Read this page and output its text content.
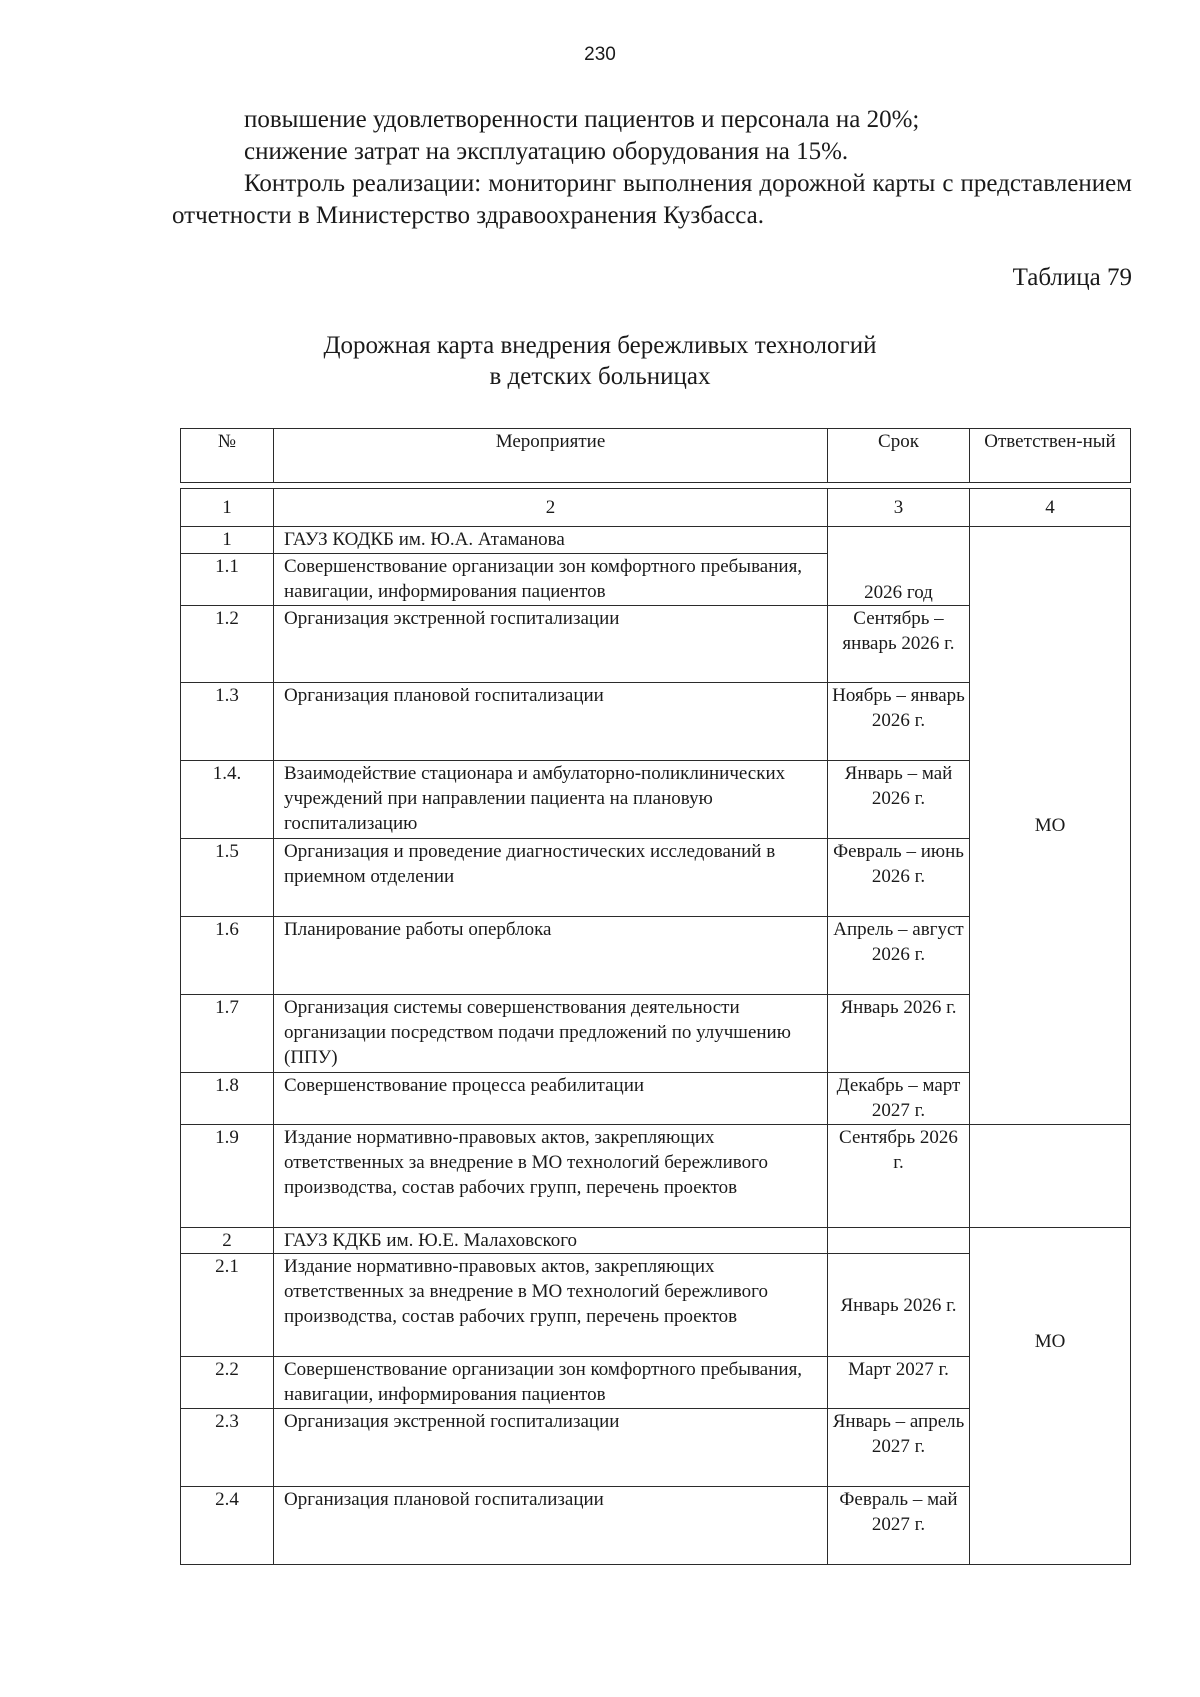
230

повышение удовлетворенности пациентов и персонала на 20%;

снижение затрат на эксплуатацию оборудования на 15%.

Контроль реализации: мониторинг выполнения дорожной карты с представлением отчетности в Министерство здравоохранения Кузбасса.

Таблица 79
Дорожная карта внедрения бережливых технологий
в детских больницах
№	Мероприятие	Срок	Ответствен-ный
1	2	3	4
1	ГАУЗ КОДКБ им. Ю.А. Атаманова	2026 год	МО
1.1	Совершенствование организации зон комфортного пребывания, навигации, информирования пациентов		
1.2	Организация экстренной госпитализации	Сентябрь – январь 2026 г.	
1.3	Организация плановой госпитализации	Ноябрь – январь 2026 г.	
1.4.	Взаимодействие стационара и амбулаторно-поликлинических учреждений при направлении пациента на плановую госпитализацию	Январь – май 2026 г.	
1.5	Организация и проведение диагностических исследований в приемном отделении	Февраль – июнь 2026 г.	
1.6	Планирование работы оперблока	Апрель – август 2026 г.	
1.7	Организация системы совершенствования деятельности организации посредством подачи предложений по улучшению (ППУ)	Январь 2026 г.	
1.8	Совершенствование процесса реабилитации	Декабрь – март 2027 г.	
1.9	Издание нормативно-правовых актов, закрепляющих ответственных за внедрение в МО технологий бережливого производства, состав рабочих групп, перечень проектов	Сентябрь 2026 г.	
2	ГАУЗ КДКБ им. Ю.Е. Малаховского		МО
2.1	Издание нормативно-правовых актов, закрепляющих ответственных за внедрение в МО технологий бережливого производства, состав рабочих групп, перечень проектов	Январь 2026 г.	
2.2	Совершенствование организации зон комфортного пребывания, навигации, информирования пациентов	Март 2027 г.	
2.3	Организация экстренной госпитализации	Январь – апрель 2027 г.	
2.4	Организация плановой госпитализации	Февраль – май 2027 г.	
